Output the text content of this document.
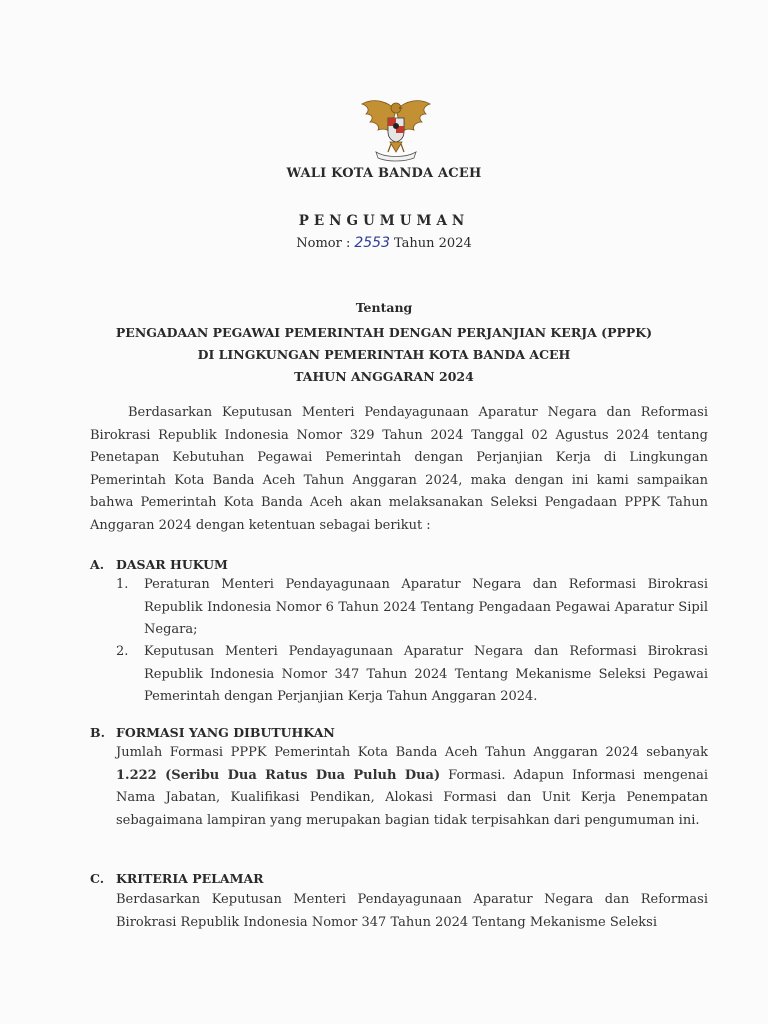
WALI KOTA BANDA ACEH
PENGUMUMAN
Nomor : 2553 Tahun 2024
Tentang
PENGADAAN PEGAWAI PEMERINTAH DENGAN PERJANJIAN KERJA (PPPK)
DI LINGKUNGAN PEMERINTAH KOTA BANDA ACEH
TAHUN ANGGARAN 2024
Berdasarkan Keputusan Menteri Pendayagunaan Aparatur Negara dan Reformasi Birokrasi Republik Indonesia Nomor 329 Tahun 2024 Tanggal 02 Agustus 2024 tentang Penetapan Kebutuhan Pegawai Pemerintah dengan Perjanjian Kerja di Lingkungan Pemerintah Kota Banda Aceh Tahun Anggaran 2024, maka dengan ini kami sampaikan bahwa Pemerintah Kota Banda Aceh akan melaksanakan Seleksi Pengadaan PPPK Tahun Anggaran 2024 dengan ketentuan sebagai berikut :
A. DASAR HUKUM
1. Peraturan Menteri Pendayagunaan Aparatur Negara dan Reformasi Birokrasi Republik Indonesia Nomor 6 Tahun 2024 Tentang Pengadaan Pegawai Aparatur Sipil Negara;
2. Keputusan Menteri Pendayagunaan Aparatur Negara dan Reformasi Birokrasi Republik Indonesia Nomor 347 Tahun 2024 Tentang Mekanisme Seleksi Pegawai Pemerintah dengan Perjanjian Kerja Tahun Anggaran 2024.
B. FORMASI YANG DIBUTUHKAN
Jumlah Formasi PPPK Pemerintah Kota Banda Aceh Tahun Anggaran 2024 sebanyak 1.222 (Seribu Dua Ratus Dua Puluh Dua) Formasi. Adapun Informasi mengenai Nama Jabatan, Kualifikasi Pendikan, Alokasi Formasi dan Unit Kerja Penempatan sebagaimana lampiran yang merupakan bagian tidak terpisahkan dari pengumuman ini.
C. KRITERIA PELAMAR
Berdasarkan Keputusan Menteri Pendayagunaan Aparatur Negara dan Reformasi Birokrasi Republik Indonesia Nomor 347 Tahun 2024 Tentang Mekanisme Seleksi
